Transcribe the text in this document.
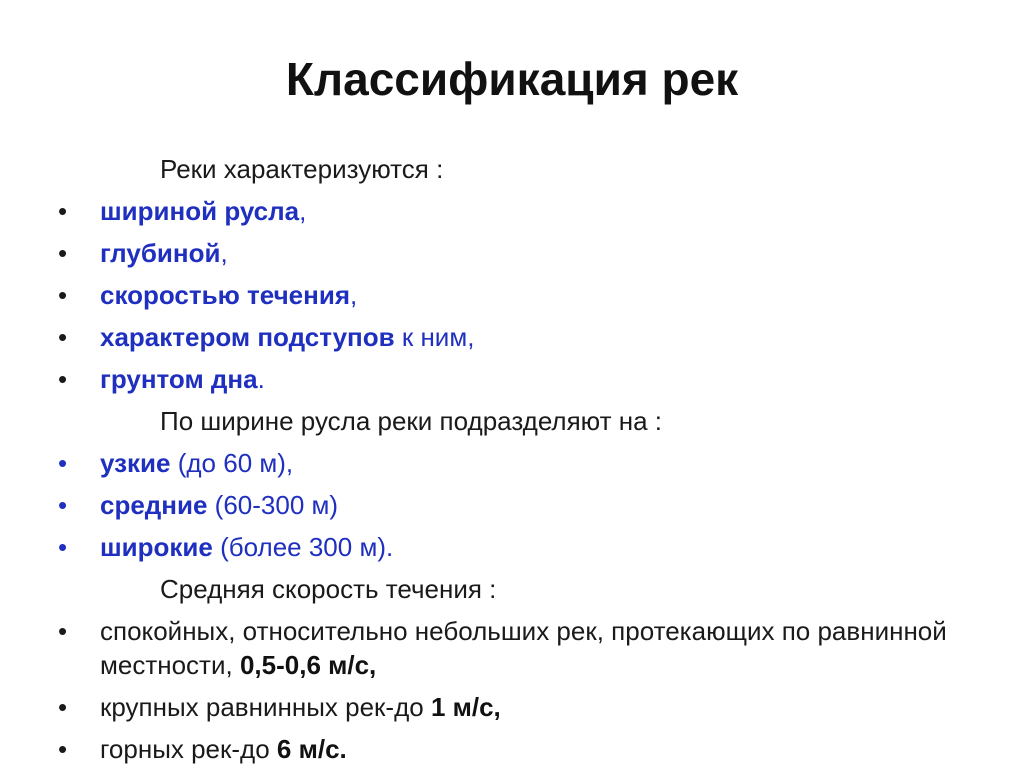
Классификация рек
Реки характеризуются :
•	шириной русла,
•	глубиной,
•	скоростью течения,
•	характером подступов к ним,
•	грунтом дна.
По ширине русла реки подразделяют на :
•	узкие (до 60 м),
•	средние (60-300 м)
•	широкие (более 300 м).
Средняя скорость течения :
•	спокойных, относительно небольших рек, протекающих по равнинной местности, 0,5-0,6 м/с,
•	крупных равнинных рек-до 1 м/с,
•	горных рек-до 6 м/с.
